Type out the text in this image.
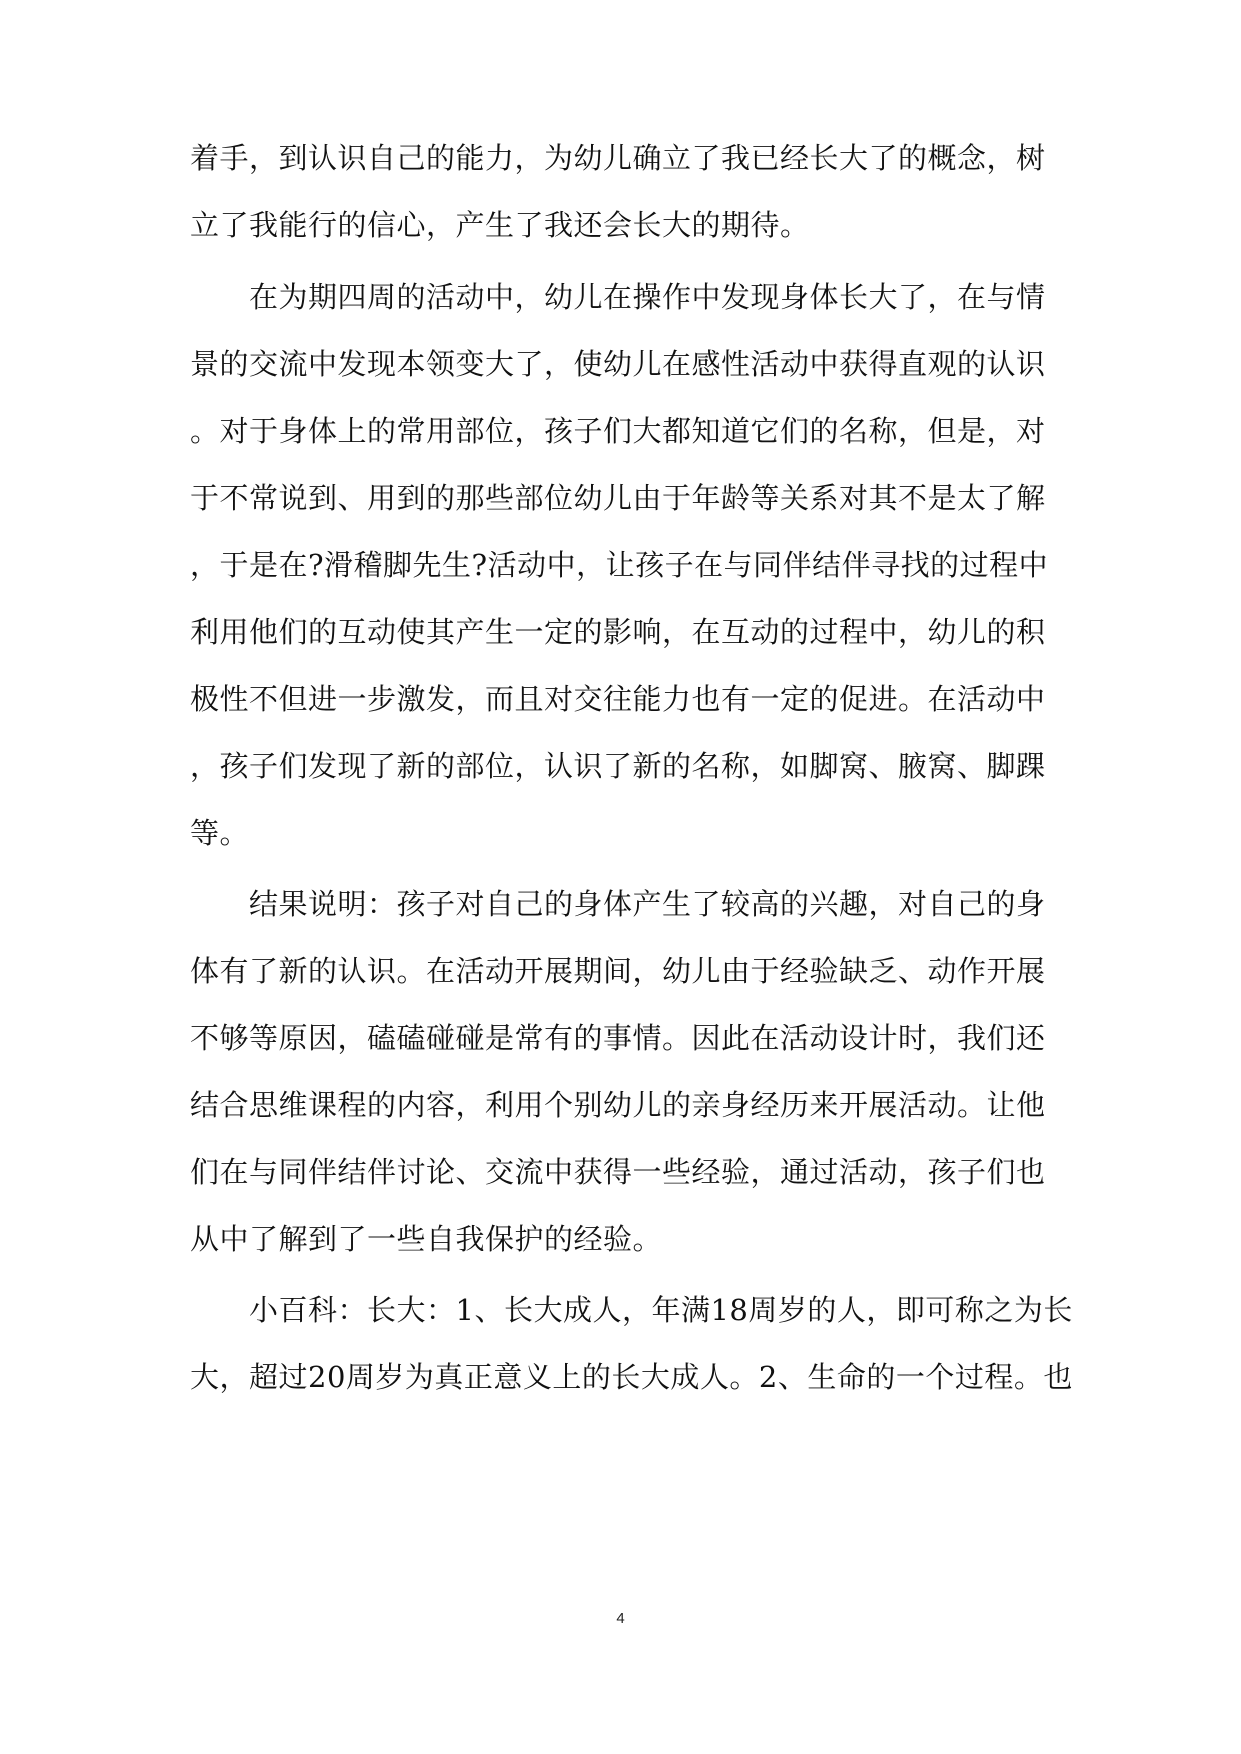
着手，到认识自己的能力，为幼儿确立了我已经长大了的概念，树
立了我能行的信心，产生了我还会长大的期待。
　　在为期四周的活动中，幼儿在操作中发现身体长大了，在与情
景的交流中发现本领变大了，使幼儿在感性活动中获得直观的认识
。对于身体上的常用部位，孩子们大都知道它们的名称，但是，对
于不常说到、用到的那些部位幼儿由于年龄等关系对其不是太了解
，于是在?滑稽脚先生?活动中，让孩子在与同伴结伴寻找的过程中
利用他们的互动使其产生一定的影响，在互动的过程中，幼儿的积
极性不但进一步激发，而且对交往能力也有一定的促进。在活动中
，孩子们发现了新的部位，认识了新的名称，如脚窝、腋窝、脚踝
等。
　　结果说明：孩子对自己的身体产生了较高的兴趣，对自己的身
体有了新的认识。在活动开展期间，幼儿由于经验缺乏、动作开展
不够等原因，磕磕碰碰是常有的事情。因此在活动设计时，我们还
结合思维课程的内容，利用个别幼儿的亲身经历来开展活动。让他
们在与同伴结伴讨论、交流中获得一些经验，通过活动，孩子们也
从中了解到了一些自我保护的经验。
　　小百科：长大：1、长大成人，年满18周岁的人，即可称之为长
大，超过20周岁为真正意义上的长大成人。2、生命的一个过程。也
4
